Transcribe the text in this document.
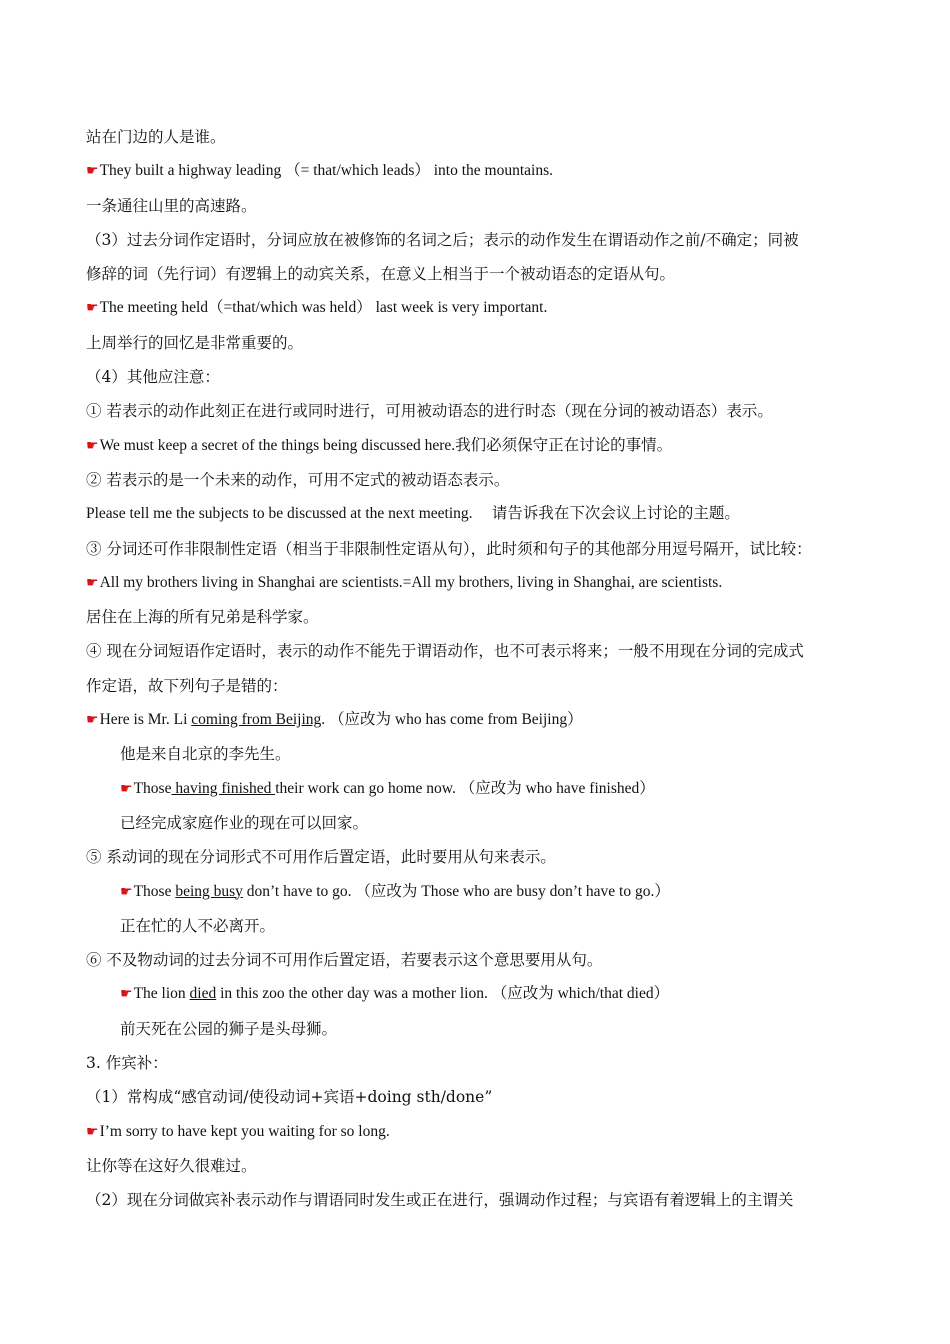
站在门边的人是谁。
☛They built a highway leading （= that/which leads） into the mountains.
一条通往山里的高速路。
（3）过去分词作定语时，分词应放在被修饰的名词之后；表示的动作发生在谓语动作之前/不确定；同被
修辞的词（先行词）有逻辑上的动宾关系，在意义上相当于一个被动语态的定语从句。
☛The meeting held（=that/which was held） last week is very important.
上周举行的回忆是非常重要的。
（4）其他应注意：
① 若表示的动作此刻正在进行或同时进行，可用被动语态的进行时态（现在分词的被动语态）表示。
☛We must keep a secret of the things being discussed here.我们必须保守正在讨论的事情。
② 若表示的是一个未来的动作，可用不定式的被动语态表示。
Please tell me the subjects to be discussed at the next meeting.　 请告诉我在下次会议上讨论的主题。
③ 分词还可作非限制性定语（相当于非限制性定语从句），此时须和句子的其他部分用逗号隔开，试比较：
☛All my brothers living in Shanghai are scientists.=All my brothers, living in Shanghai, are scientists.
居住在上海的所有兄弟是科学家。
④ 现在分词短语作定语时，表示的动作不能先于谓语动作，也不可表示将来；一般不用现在分词的完成式
作定语，故下列句子是错的：
☛Here is Mr. Li coming from Beijing. （应改为 who has come from Beijing）
他是来自北京的李先生。
☛Those having finished their work can go home now. （应改为 who have finished）
已经完成家庭作业的现在可以回家。
⑤ 系动词的现在分词形式不可用作后置定语，此时要用从句来表示。
☛Those being busy don’t have to go. （应改为 Those who are busy don’t have to go.）
正在忙的人不必离开。
⑥ 不及物动词的过去分词不可用作后置定语，若要表示这个意思要用从句。
☛The lion died in this zoo the other day was a mother lion. （应改为 which/that died）
前天死在公园的狮子是头母狮。
3. 作宾补：
（1）常构成“感官动词/使役动词+宾语+doing sth/done”
☛I’m sorry to have kept you waiting for so long.
让你等在这好久很难过。
（2）现在分词做宾补表示动作与谓语同时发生或正在进行，强调动作过程；与宾语有着逻辑上的主谓关
